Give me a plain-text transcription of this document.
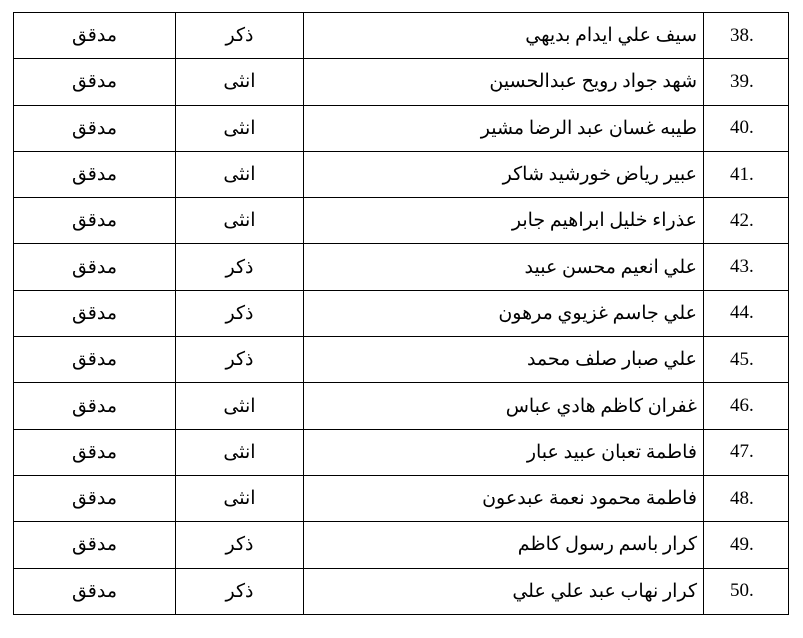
38.	سيف علي ايدام بديهي	ذكر	مدقق
39.	شهد جواد رويح عبدالحسين	انثى	مدقق
40.	طيبه غسان عبد الرضا مشير	انثى	مدقق
41.	عبير رياض خورشيد شاكر	انثى	مدقق
42.	عذراء خليل ابراهيم جابر	انثى	مدقق
43.	علي انعيم محسن عبيد	ذكر	مدقق
44.	علي جاسم غزيوي مرهون	ذكر	مدقق
45.	علي صبار صلف محمد	ذكر	مدقق
46.	غفران كاظم هادي عباس	انثى	مدقق
47.	فاطمة تعبان عبيد عبار	انثى	مدقق
48.	فاطمة محمود نعمة عبدعون	انثى	مدقق
49.	كرار باسم رسول كاظم	ذكر	مدقق
50.	كرار نهاب عبد علي علي	ذكر	مدقق
